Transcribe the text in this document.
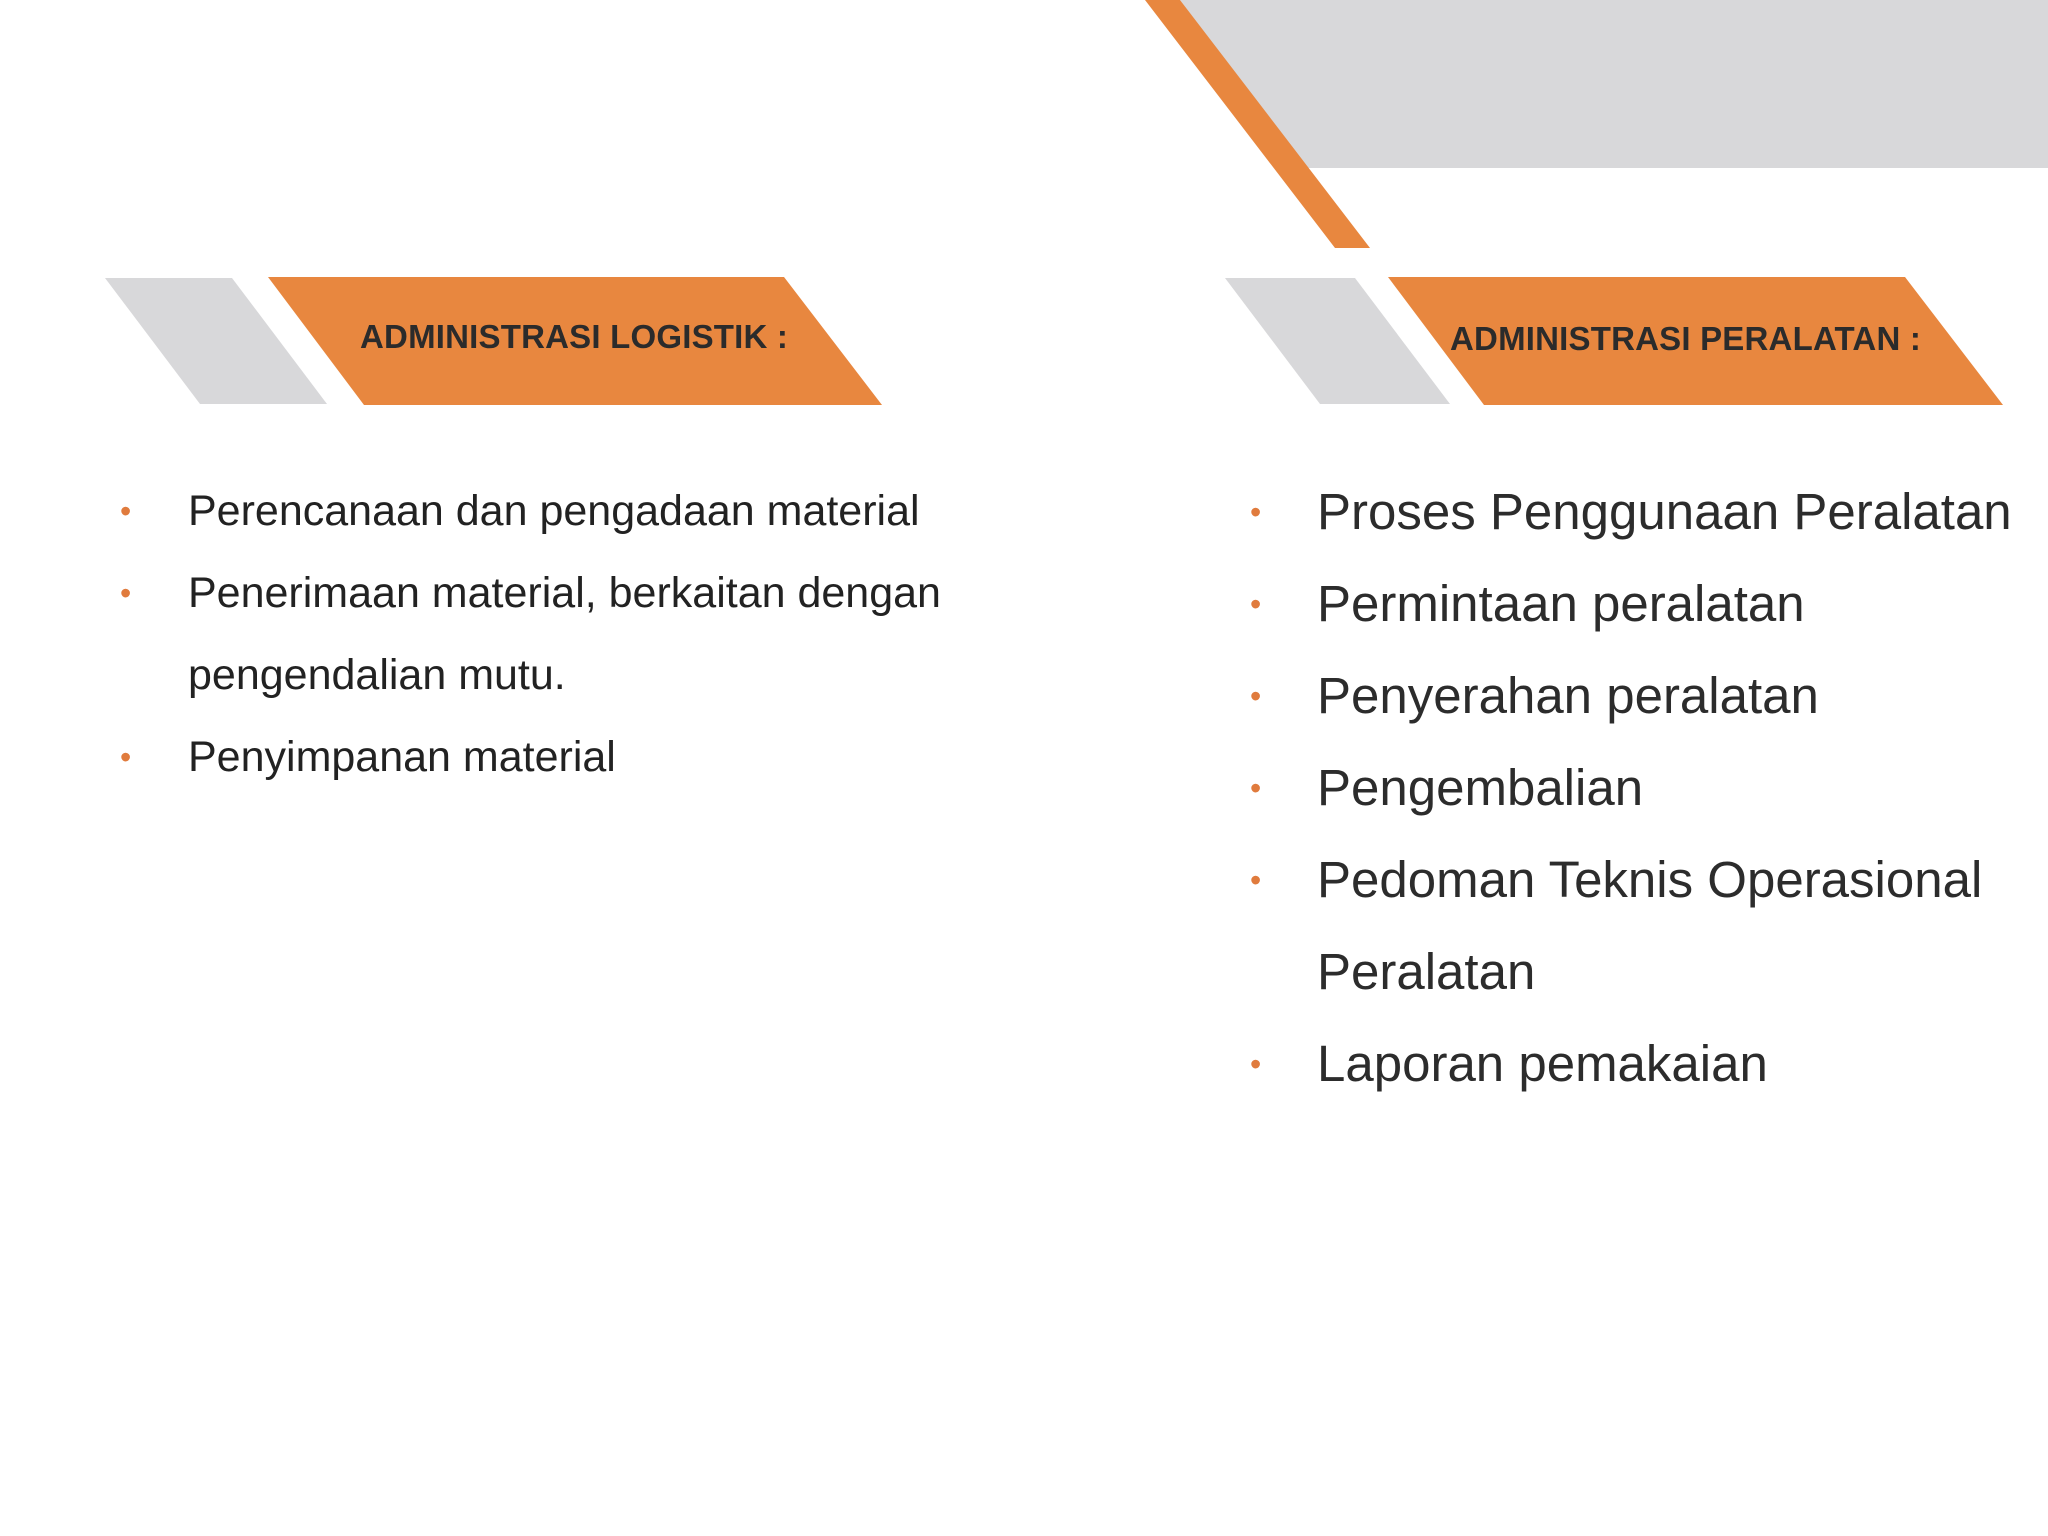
ADMINISTRASI LOGISTIK :	ADMINISTRASI PERALATAN :
• Perencanaan dan pengadaan material
• Penerimaan material, berkaitan dengan pengendalian mutu.
• Penyimpanan material
• Proses Penggunaan Peralatan
• Permintaan peralatan
• Penyerahan peralatan
• Pengembalian
• Pedoman Teknis Operasional Peralatan
• Laporan pemakaian
